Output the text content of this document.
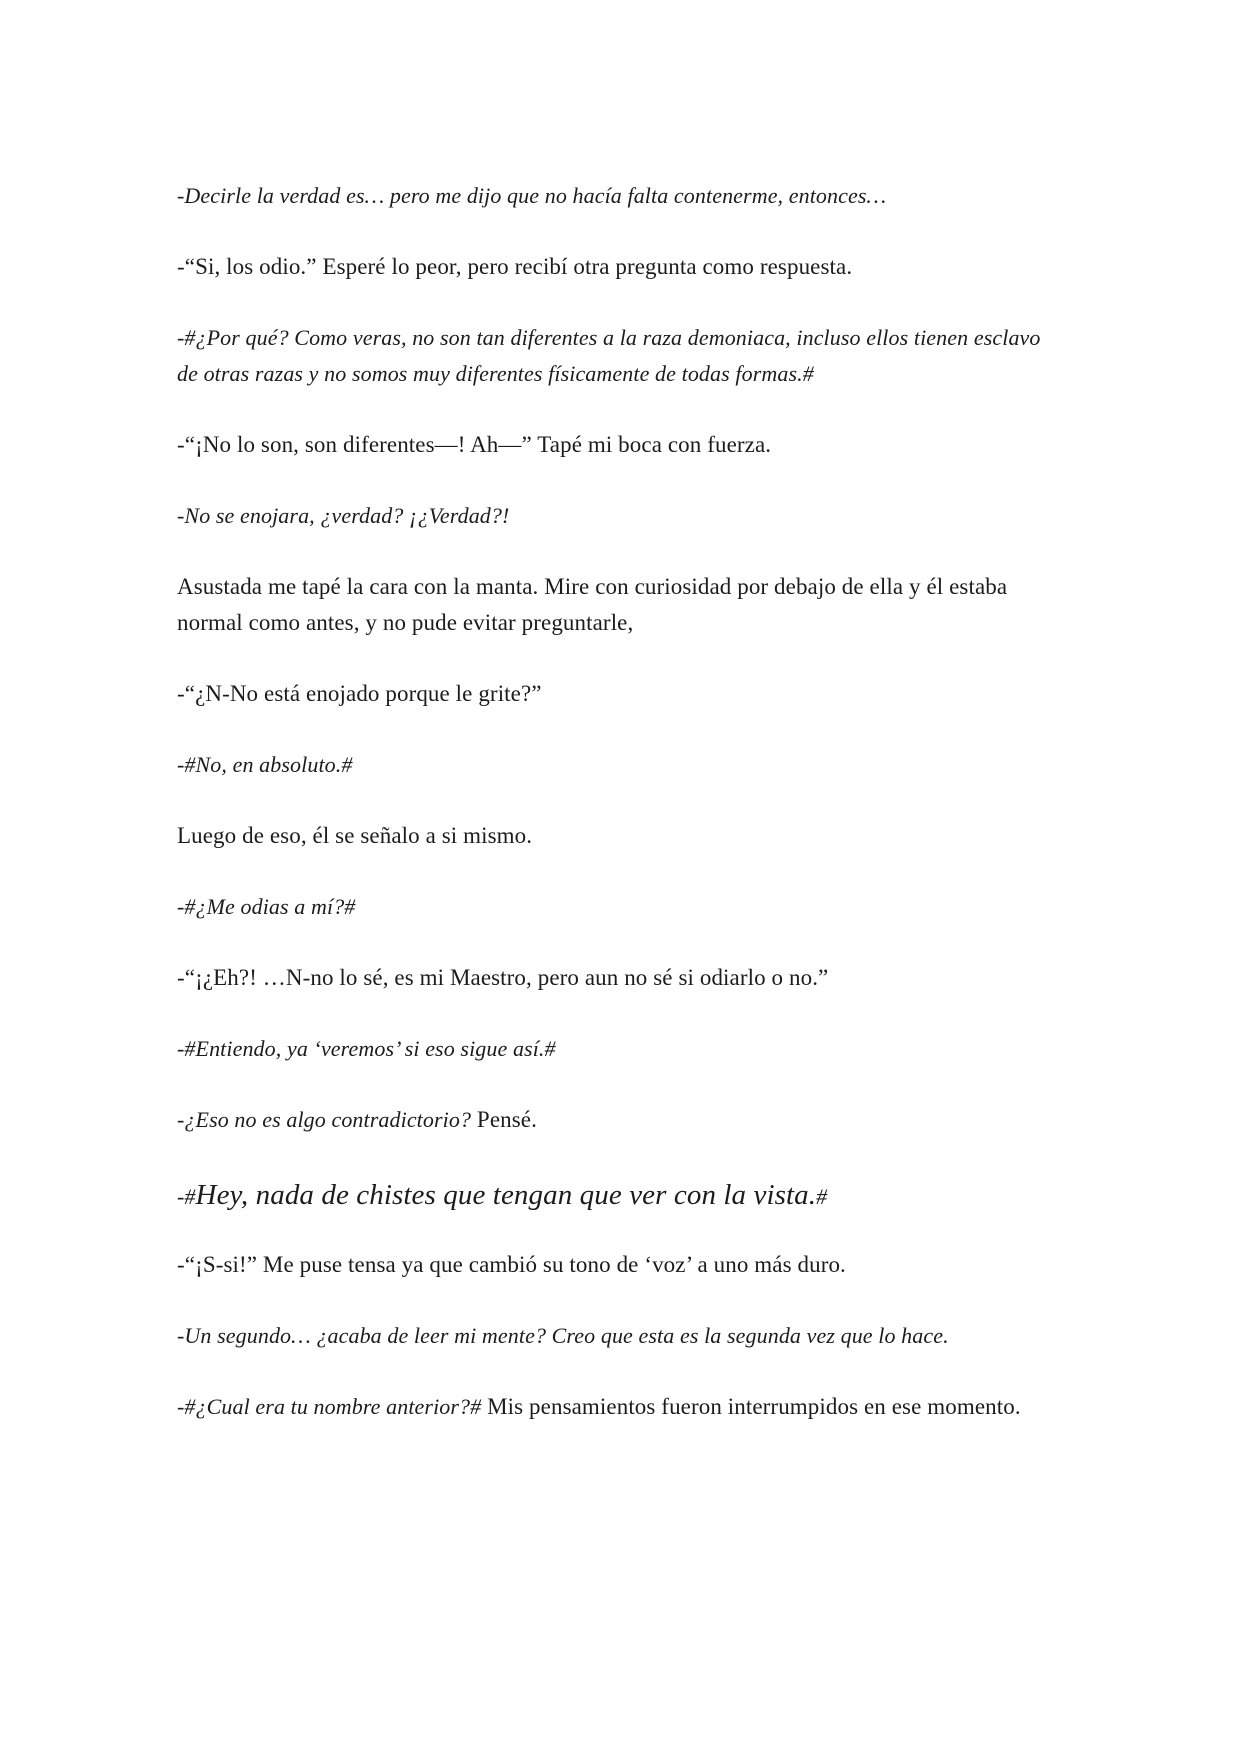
-Decirle la verdad es… pero me dijo que no hacía falta contenerme, entonces…

-“Si, los odio.” Esperé lo peor, pero recibí otra pregunta como respuesta.

-#¿Por qué? Como veras, no son tan diferentes a la raza demoniaca, incluso ellos tienen esclavo de otras razas y no somos muy diferentes físicamente de todas formas.#

-“¡No lo son, son diferentes—! Ah—” Tapé mi boca con fuerza.

-No se enojara, ¿verdad? ¡¿Verdad?!

Asustada me tapé la cara con la manta. Mire con curiosidad por debajo de ella y él estaba normal como antes, y no pude evitar preguntarle,

-“¿N-No está enojado porque le grite?”

-#No, en absoluto.#

Luego de eso, él se señalo a si mismo.

-#¿Me odias a mí?#

-“¡¿Eh?! …N-no lo sé, es mi Maestro, pero aun no sé si odiarlo o no.”

-#Entiendo, ya ‘veremos’ si eso sigue así.#

-¿Eso no es algo contradictorio? Pensé.

-#Hey, nada de chistes que tengan que ver con la vista.#

-“¡S-si!” Me puse tensa ya que cambió su tono de ‘voz’ a uno más duro.

-Un segundo… ¿acaba de leer mi mente? Creo que esta es la segunda vez que lo hace.

-#¿Cual era tu nombre anterior?# Mis pensamientos fueron interrumpidos en ese momento.
